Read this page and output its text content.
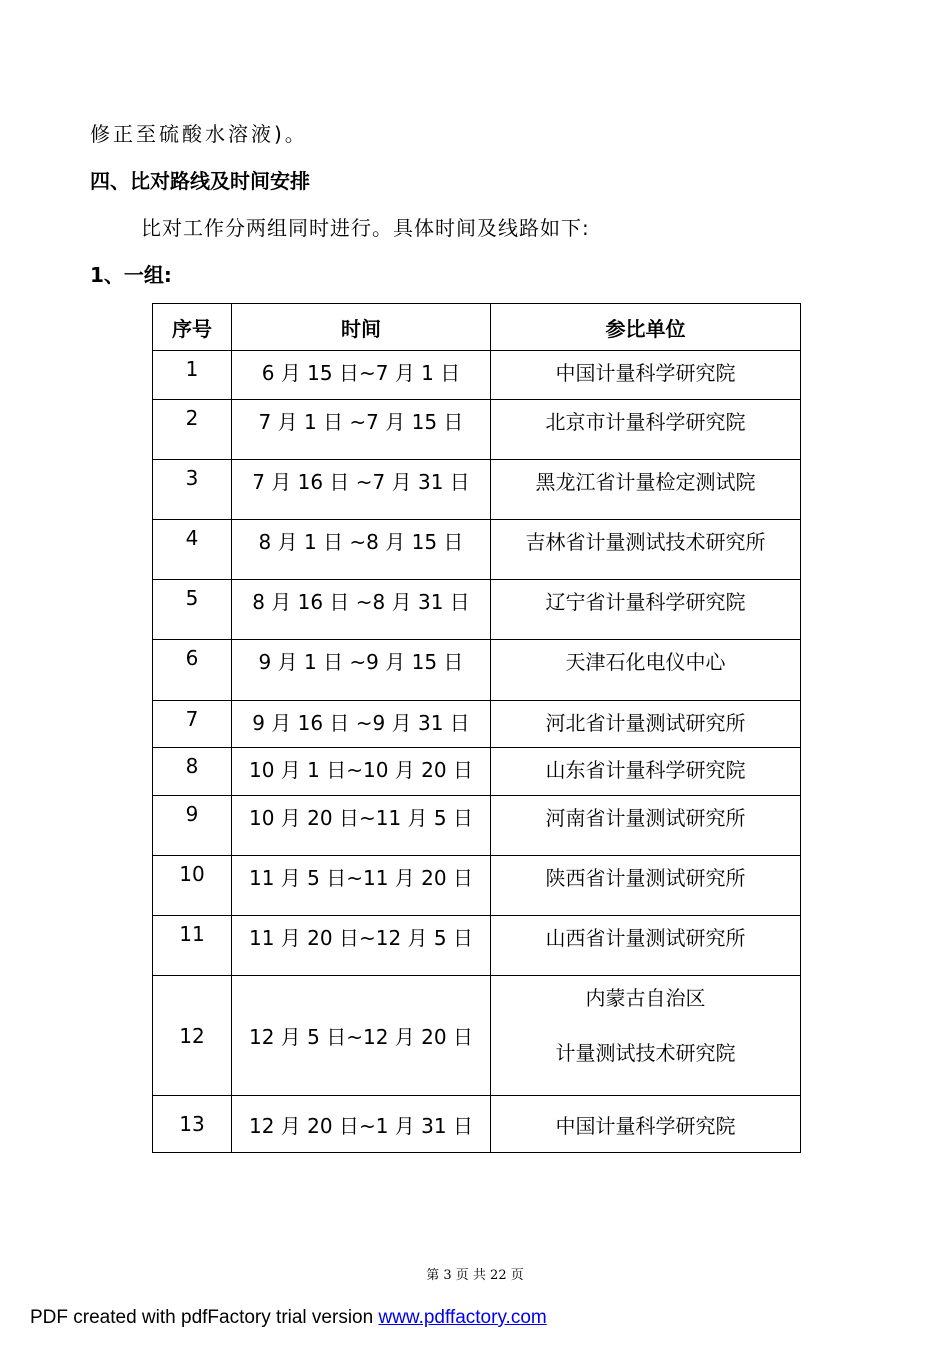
修正至硫酸水溶液)。
四、比对路线及时间安排
比对工作分两组同时进行。具体时间及线路如下:
1、一组:
序号	时间	参比单位
1	6 月 15 日~7 月 1 日	中国计量科学研究院
2	7 月 1 日 ~7 月 15 日	北京市计量科学研究院
3	7 月 16 日 ~7 月 31 日	黑龙江省计量检定测试院
4	8 月 1 日 ~8 月 15 日	吉林省计量测试技术研究所
5	8 月 16 日 ~8 月 31 日	辽宁省计量科学研究院
6	9 月 1 日 ~9 月 15 日	天津石化电仪中心
7	9 月 16 日 ~9 月 31 日	河北省计量测试研究所
8	10 月 1 日~10 月 20 日	山东省计量科学研究院
9	10 月 20 日~11 月 5 日	河南省计量测试研究所
10	11 月 5 日~11 月 20 日	陕西省计量测试研究所
11	11 月 20 日~12 月 5 日	山西省计量测试研究所
12	12 月 5 日~12 月 20 日	内蒙古自治区
计量测试技术研究院

13	12 月 20 日~1 月 31 日	中国计量科学研究院
第 3 页 共 22 页
PDF created with pdfFactory trial version www.pdffactory.com
